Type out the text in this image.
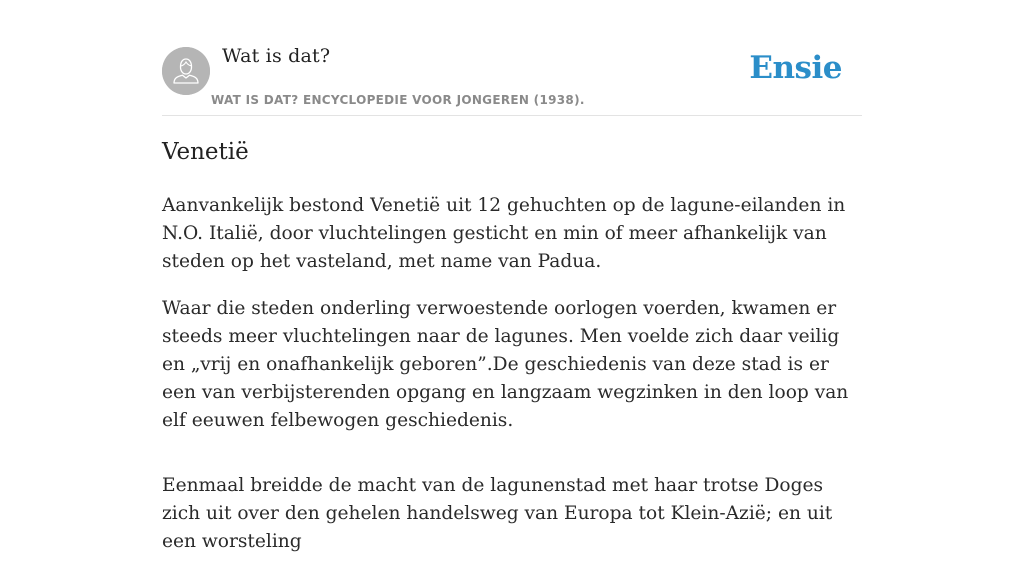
Wat is dat?
WAT IS DAT? ENCYCLOPEDIE VOOR JONGEREN (1938).
Ensie
Venetië

Aanvankelijk bestond Venetië uit 12 gehuchten op de lagune-eilanden in N.O. Italië, door vluchtelingen gesticht en min of meer afhankelijk van steden op het vasteland, met name van Padua.

Waar die steden onderling verwoestende oorlogen voerden, kwamen er steeds meer vluchtelingen naar de lagunes. Men voelde zich daar veilig en „vrij en onafhankelijk geboren”.De geschiedenis van deze stad is er een van verbijsterenden opgang en langzaam wegzinken in den loop van elf eeuwen felbewogen geschiedenis.

Eenmaal breidde de macht van de lagunenstad met haar trotse Doges zich uit over den gehelen handelsweg van Europa tot Klein-Azië; en uit een worsteling
